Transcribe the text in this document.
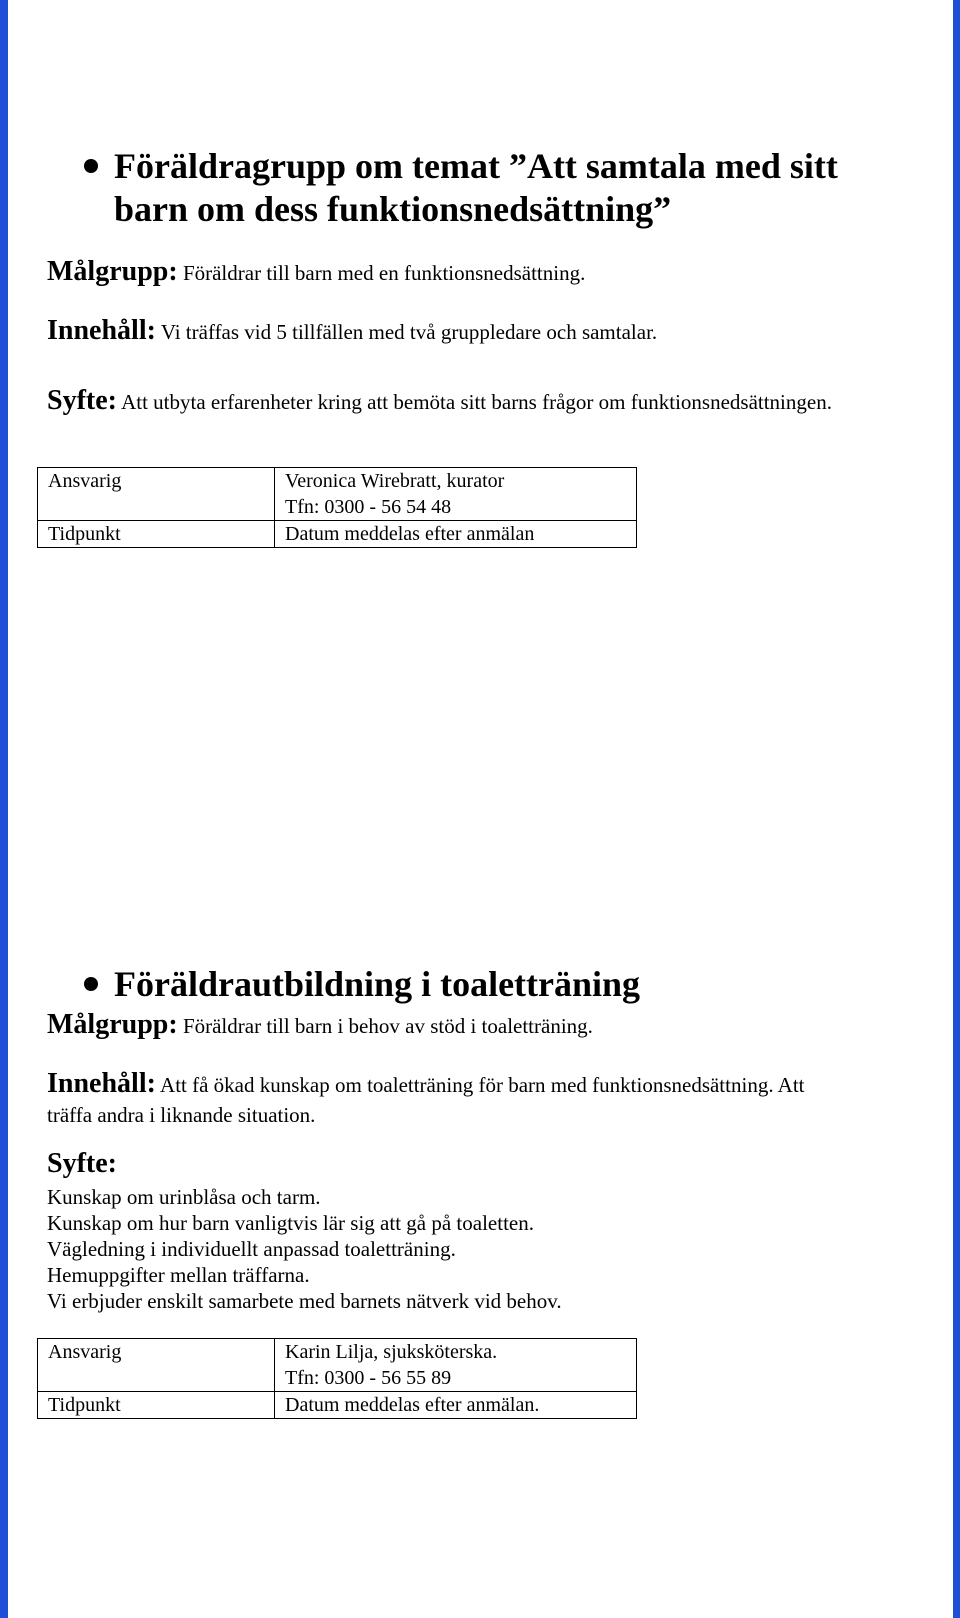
Föräldragrupp om temat ”Att samtala med sitt
barn om dess funktionsnedsättning”
Målgrupp: Föräldrar till barn med en funktionsnedsättning.
Innehåll: Vi träffas vid 5 tillfällen med två gruppledare och samtalar.
Syfte: Att utbyta erfarenheter kring att bemöta sitt barns frågor om funktionsnedsättningen.
Ansvarig	Veronica Wirebratt, kurator
Tfn: 0300 - 56 54 48

Tidpunkt	Datum meddelas efter anmälan
Föräldrautbildning i toaletträning
Målgrupp: Föräldrar till barn i behov av stöd i toaletträning.
Innehåll: Att få ökad kunskap om toaletträning för barn med funktionsnedsättning. Att
träffa andra i liknande situation.
Syfte:
Kunskap om urinblåsa och tarm.
Kunskap om hur barn vanligtvis lär sig att gå på toaletten.
Vägledning i individuellt anpassad toaletträning.
Hemuppgifter mellan träffarna.
Vi erbjuder enskilt samarbete med barnets nätverk vid behov.
Ansvarig	Karin Lilja, sjuksköterska.
Tfn: 0300 - 56 55 89

Tidpunkt	Datum meddelas efter anmälan.
